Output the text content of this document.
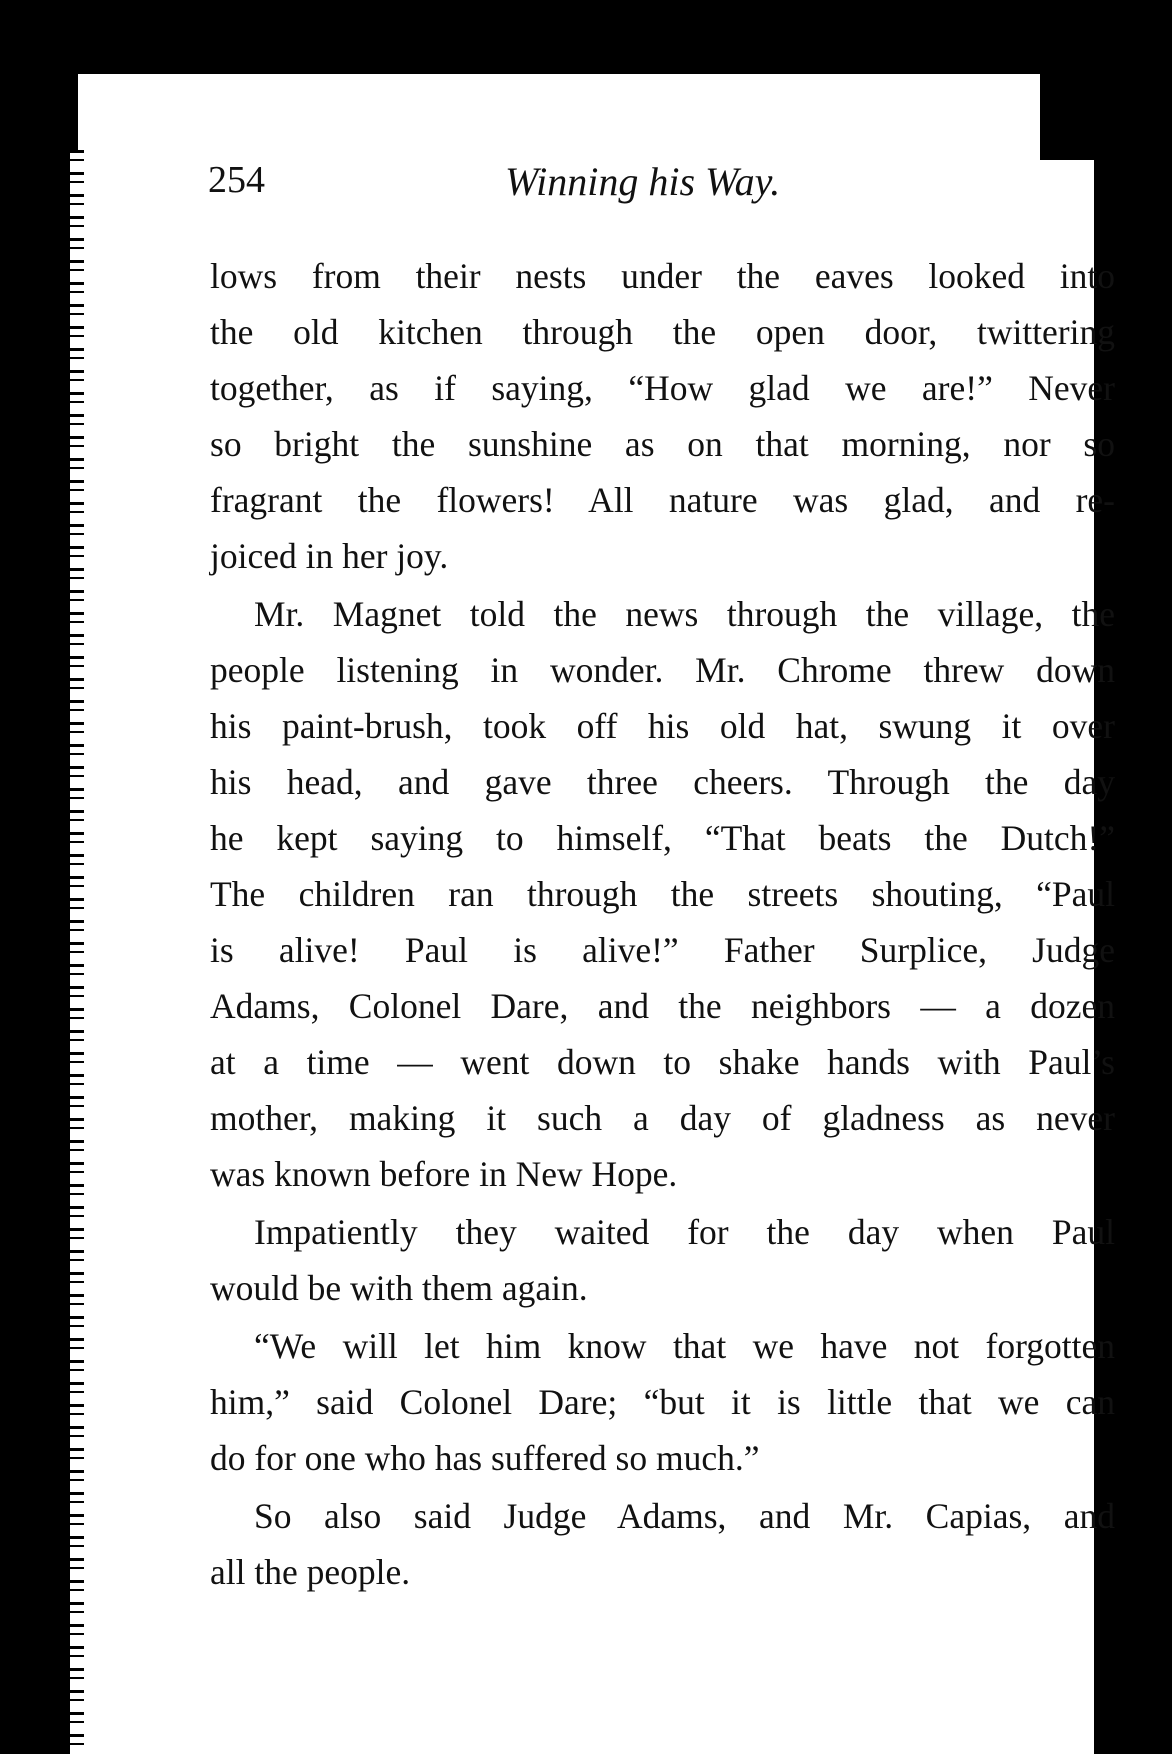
254	Winning his Way.
lows from their nests under the eaves looked into
the old kitchen through the open door, twittering
together, as if saying, “How glad we are!” Never
so bright the sunshine as on that morning, nor so
fragrant the flowers! All nature was glad, and re-
joiced in her joy.
Mr. Magnet told the news through the village, the
people listening in wonder. Mr. Chrome threw down
his paint-brush, took off his old hat, swung it over
his head, and gave three cheers. Through the day
he kept saying to himself, “That beats the Dutch!”
The children ran through the streets shouting, “Paul
is alive! Paul is alive!” Father Surplice, Judge
Adams, Colonel Dare, and the neighbors — a dozen
at a time — went down to shake hands with Paul’s
mother, making it such a day of gladness as never
was known before in New Hope.
Impatiently they waited for the day when Paul
would be with them again.
“We will let him know that we have not forgotten
him,” said Colonel Dare; “but it is little that we can
do for one who has suffered so much.”
So also said Judge Adams, and Mr. Capias, and
all the people.
